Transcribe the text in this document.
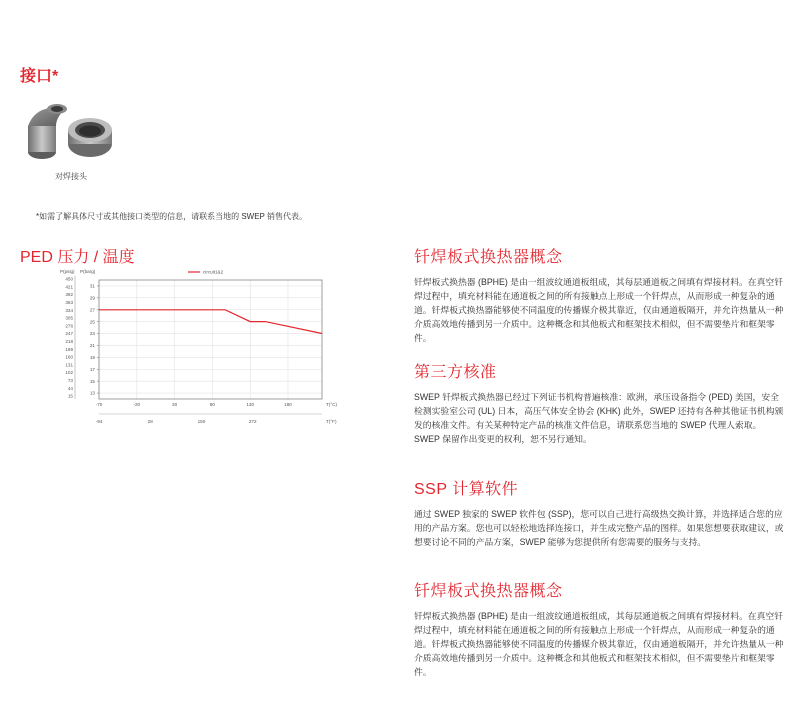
接口*
对焊接头
*如需了解具体尺寸或其他接口类型的信息，请联系当地的 SWEP 销售代表。
PED 压力 / 温度
P(psig) P(barg)
450
421
392
363
334
305
276
247
218
189
160
131
102
73
44
15
13
15
17
19
21
23
25
27
29
31
-70	-20	30	80	130	180	T(°C)
-94	28	150	272	T(°F)
circuit1&2
钎焊板式换热器概念

钎焊板式换热器 (BPHE) 是由一组波纹通道板组成，其每层通道板之间填有焊接材料。在真空钎焊过程中，填充材料能在通道板之间的所有接触点上形成一个钎焊点，从而形成一种复杂的通道。钎焊板式换热器能够使不同温度的传播媒介极其靠近，仅由通道板隔开，并允许热量从一种介质高效地传播到另一介质中。这种概念和其他板式和框架技术相似，但不需要垫片和框架零件。

第三方核准

SWEP 钎焊板式换热器已经过下列证书机构普遍核准：欧洲，承压设备指令 (PED) 美国，安全检测实验室公司 (UL) 日本，高压气体安全协会 (KHK) 此外，SWEP 还持有各种其他证书机构颁发的核准文件。有关某种特定产品的核准文件信息，请联系您当地的 SWEP 代理人索取。SWEP 保留作出变更的权利，恕不另行通知。

SSP 计算软件

通过 SWEP 独家的 SWEP 软件包 (SSP)，您可以自己进行高级热交换计算，并选择适合您的应用的产品方案。您也可以轻松地选择连接口，并生成完整产品的图样。如果您想要获取建议，或想要讨论不同的产品方案，SWEP 能够为您提供所有您需要的服务与支持。

钎焊板式换热器概念

钎焊板式换热器 (BPHE) 是由一组波纹通道板组成，其每层通道板之间填有焊接材料。在真空钎焊过程中，填充材料能在通道板之间的所有接触点上形成一个钎焊点，从而形成一种复杂的通道。钎焊板式换热器能够使不同温度的传播媒介极其靠近，仅由通道板隔开，并允许热量从一种介质高效地传播到另一介质中。这种概念和其他板式和框架技术相似，但不需要垫片和框架零件。
